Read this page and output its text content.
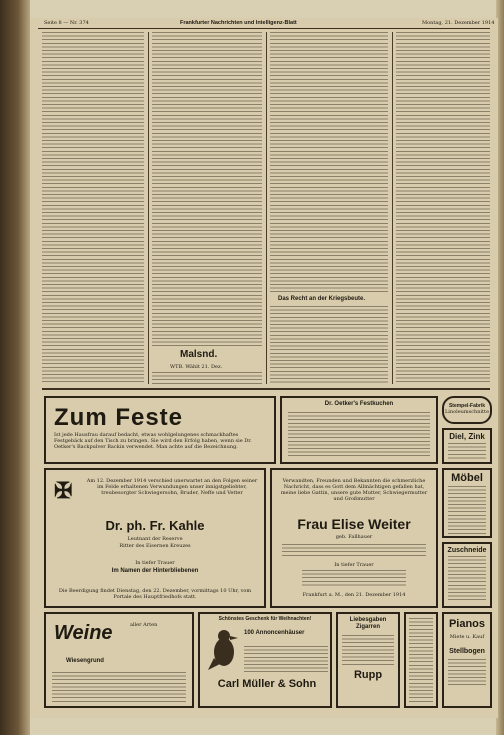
Seite 8 — Nr. 374	Frankfurter Nachrichten und Intelligenz-Blatt	Montag, 21. Dezember 1914
Malsnd.
WTB. Wählt 21. Dez.
Das Recht an der Kriegsbeute.
Zum Feste
Ist jede Hausfrau darauf bedacht, etwas wohlgelungenes schmackhaftes Festgebäck auf den Tisch zu bringen. Sie wird den Erfolg haben, wenn sie Dr. Oetker's Backpulver Backin verwendet. Man achte auf die Bezeichnung.
Dr. Oetker's Festkuchen	Stempel-Fabrik
Linoleumschnitte
Diel, Zink
✠	Am 12. Dezember 1914 verschied unerwartet an den Folgen seiner im Felde erhaltenen Verwundungen unser innigstgeliebter, treubesorgter Schwiegersohn, Bruder, Neffe und Vetter
Dr. ph. Fr. Kahle
Leutnant der Reserve
Ritter des Eisernen Kreuzes
In tiefer Trauer
Im Namen der Hinterbliebenen
Die Beerdigung findet Dienstag, den 22. Dezember, vormittags 10 Uhr, vom Portale des Hauptfriedhofs statt.
Verwandten, Freunden und Bekannten die schmerzliche Nachricht, dass es Gott dem Allmächtigen gefallen hat, meine liebe Gattin, unsere gute Mutter, Schwiegermutter und Großmutter
Frau Elise Weiter
geb. Fallhauer
In tiefer Trauer
Frankfurt a. M., den 21. Dezember 1914
Möbel
Zuschneide
Weine	aller Arten
Wiesengrund
Schönstes Geschenk für Weihnachten!
100 Annoncenhäuser
Carl Müller & Sohn
Liebesgaben
Zigarren
Rupp
Pianos
Miete u. Kauf
Stellbogen
